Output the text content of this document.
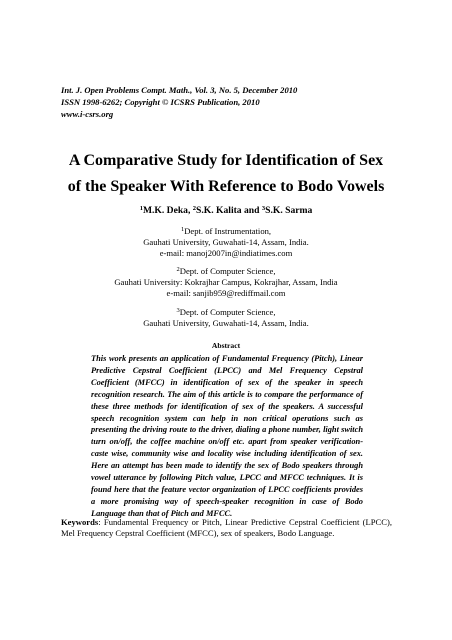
Int. J. Open Problems Compt. Math., Vol. 3, No. 5, December 2010
ISSN 1998-6262; Copyright © ICSRS Publication, 2010
www.i-csrs.org
A Comparative Study for Identification of Sex
of the Speaker With Reference to Bodo Vowels
$^1$M.K. Deka, $^2$S.K. Kalita and $^3$S.K. Sarma
$^1$Dept. of Instrumentation,
Gauhati University, Guwahati-14, Assam, India.
e-mail: manoj2007in@indiatimes.com
$^2$Dept. of Computer Science,
Gauhati University: Kokrajhar Campus, Kokrajhar, Assam, India
e-mail: sanjib959@rediffmail.com
$^3$Dept. of Computer Science,
Gauhati University, Guwahati-14, Assam, India.
Abstract
This work presents an application of Fundamental Frequency (Pitch), Linear Predictive Cepstral Coefficient (LPCC) and Mel Frequency Cepstral Coefficient (MFCC) in identification of sex of the speaker in speech recognition research. The aim of this article is to compare the performance of these three methods for identification of sex of the speakers. A successful speech recognition system can help in non critical operations such as presenting the driving route to the driver, dialing a phone number, light switch turn on/off, the coffee machine on/off etc. apart from speaker verification-caste wise, community wise and locality wise including identification of sex. Here an attempt has been made to identify the sex of Bodo speakers through vowel utterance by following Pitch value, LPCC and MFCC techniques. It is found here that the feature vector organization of LPCC coefficients provides a more promising way of speech-speaker recognition in case of Bodo Language than that of Pitch and MFCC.
Keywords: Fundamental Frequency or Pitch, Linear Predictive Cepstral Coefficient (LPCC), Mel Frequency Cepstral Coefficient (MFCC), sex of speakers, Bodo Language.
